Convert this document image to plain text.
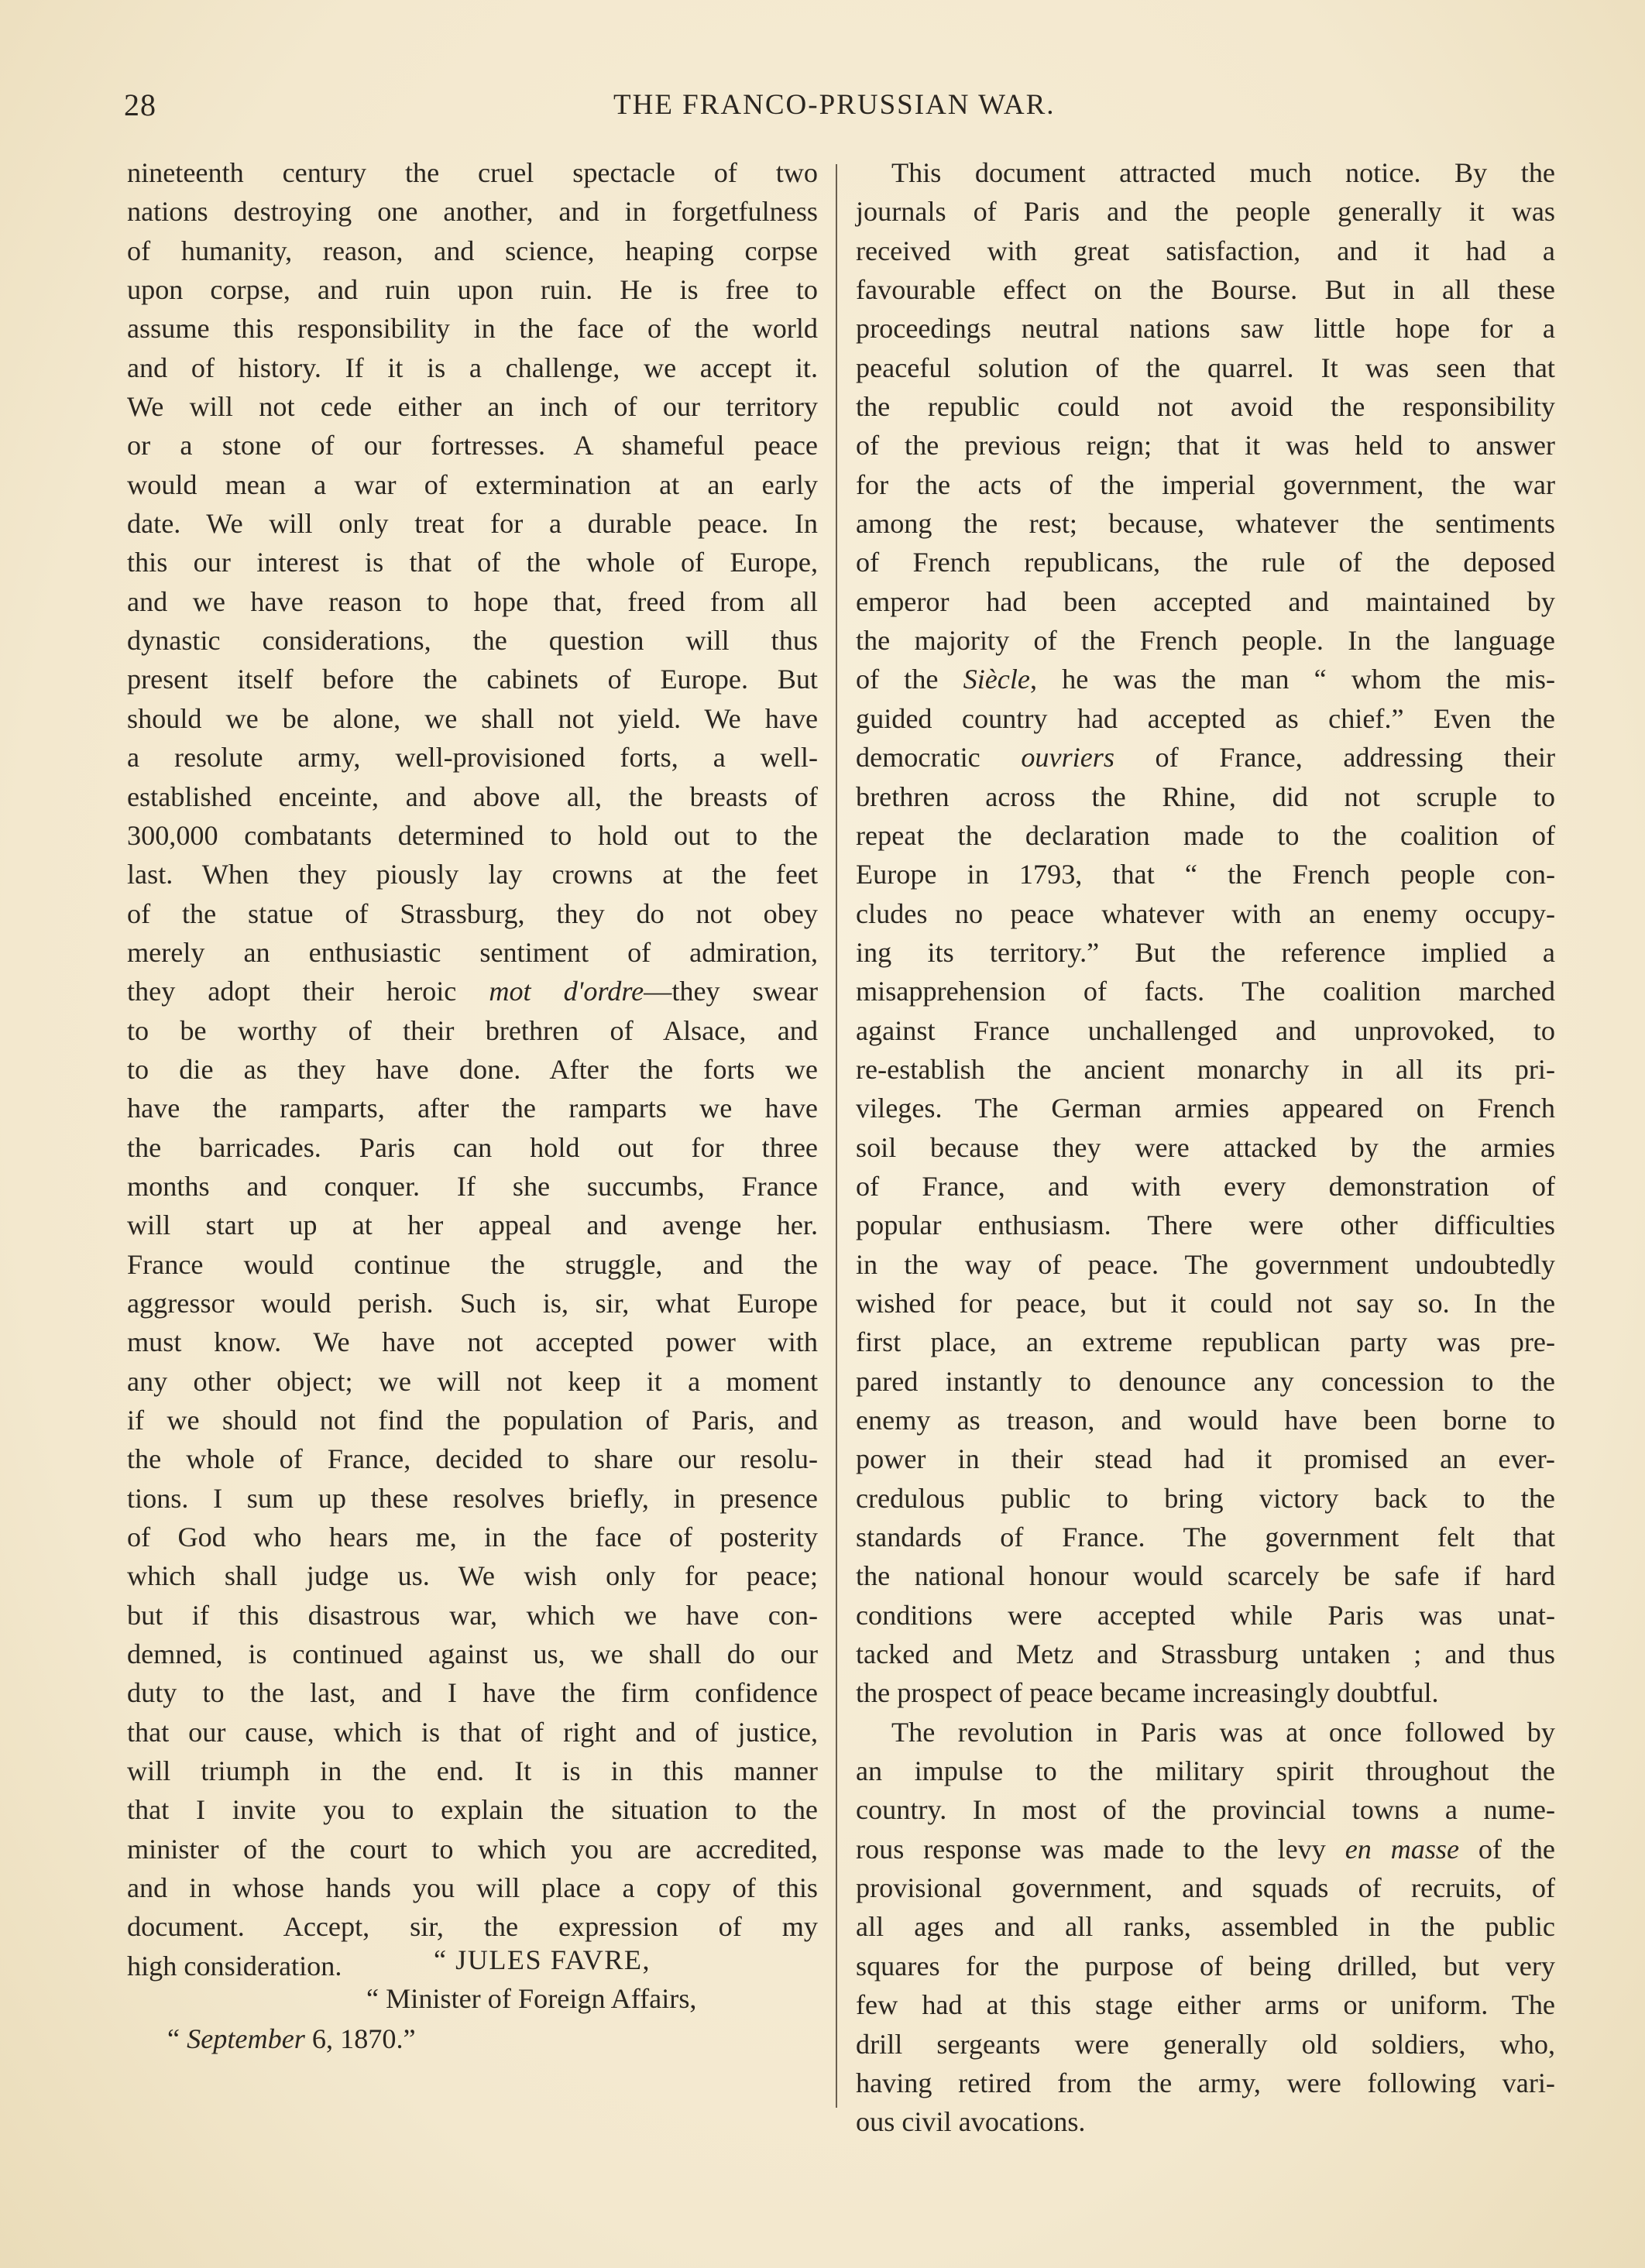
28	THE FRANCO-PRUSSIAN WAR.
nineteenth century the cruel spectacle of two
nations destroying one another, and in forgetfulness
of humanity, reason, and science, heaping corpse
upon corpse, and ruin upon ruin. He is free to
assume this responsibility in the face of the world
and of history. If it is a challenge, we accept it.
We will not cede either an inch of our territory
or a stone of our fortresses. A shameful peace
would mean a war of extermination at an early
date. We will only treat for a durable peace. In
this our interest is that of the whole of Europe,
and we have reason to hope that, freed from all
dynastic considerations, the question will thus
present itself before the cabinets of Europe. But
should we be alone, we shall not yield. We have
a resolute army, well-provisioned forts, a well-
established enceinte, and above all, the breasts of
300,000 combatants determined to hold out to the
last. When they piously lay crowns at the feet
of the statue of Strassburg, they do not obey
merely an enthusiastic sentiment of admiration,
they adopt their heroic mot d'ordre—they swear
to be worthy of their brethren of Alsace, and
to die as they have done. After the forts we
have the ramparts, after the ramparts we have
the barricades. Paris can hold out for three
months and conquer. If she succumbs, France
will start up at her appeal and avenge her.
France would continue the struggle, and the
aggressor would perish. Such is, sir, what Europe
must know. We have not accepted power with
any other object; we will not keep it a moment
if we should not find the population of Paris, and
the whole of France, decided to share our resolu-
tions. I sum up these resolves briefly, in presence
of God who hears me, in the face of posterity
which shall judge us. We wish only for peace;
but if this disastrous war, which we have con-
demned, is continued against us, we shall do our
duty to the last, and I have the firm confidence
that our cause, which is that of right and of justice,
will triumph in the end. It is in this manner
that I invite you to explain the situation to the
minister of the court to which you are accredited,
and in whose hands you will place a copy of this
document. Accept, sir, the expression of my
high consideration.	“ JULES FAVRE,
“ Minister of Foreign Affairs,
“ September 6, 1870.”
This document attracted much notice. By the
journals of Paris and the people generally it was
received with great satisfaction, and it had a
favourable effect on the Bourse. But in all these
proceedings neutral nations saw little hope for a
peaceful solution of the quarrel. It was seen that
the republic could not avoid the responsibility
of the previous reign; that it was held to answer
for the acts of the imperial government, the war
among the rest; because, whatever the sentiments
of French republicans, the rule of the deposed
emperor had been accepted and maintained by
the majority of the French people. In the language
of the Siècle, he was the man “ whom the mis-
guided country had accepted as chief.” Even the
democratic ouvriers of France, addressing their
brethren across the Rhine, did not scruple to
repeat the declaration made to the coalition of
Europe in 1793, that “ the French people con-
cludes no peace whatever with an enemy occupy-
ing its territory.” But the reference implied a
misapprehension of facts. The coalition marched
against France unchallenged and unprovoked, to
re-establish the ancient monarchy in all its pri-
vileges. The German armies appeared on French
soil because they were attacked by the armies
of France, and with every demonstration of
popular enthusiasm. There were other difficulties
in the way of peace. The government undoubtedly
wished for peace, but it could not say so. In the
first place, an extreme republican party was pre-
pared instantly to denounce any concession to the
enemy as treason, and would have been borne to
power in their stead had it promised an ever-
credulous public to bring victory back to the
standards of France. The government felt that
the national honour would scarcely be safe if hard
conditions were accepted while Paris was unat-
tacked and Metz and Strassburg untaken ; and thus
the prospect of peace became increasingly doubtful.
The revolution in Paris was at once followed by
an impulse to the military spirit throughout the
country. In most of the provincial towns a nume-
rous response was made to the levy en masse of the
provisional government, and squads of recruits, of
all ages and all ranks, assembled in the public
squares for the purpose of being drilled, but very
few had at this stage either arms or uniform. The
drill sergeants were generally old soldiers, who,
having retired from the army, were following vari-
ous civil avocations.
